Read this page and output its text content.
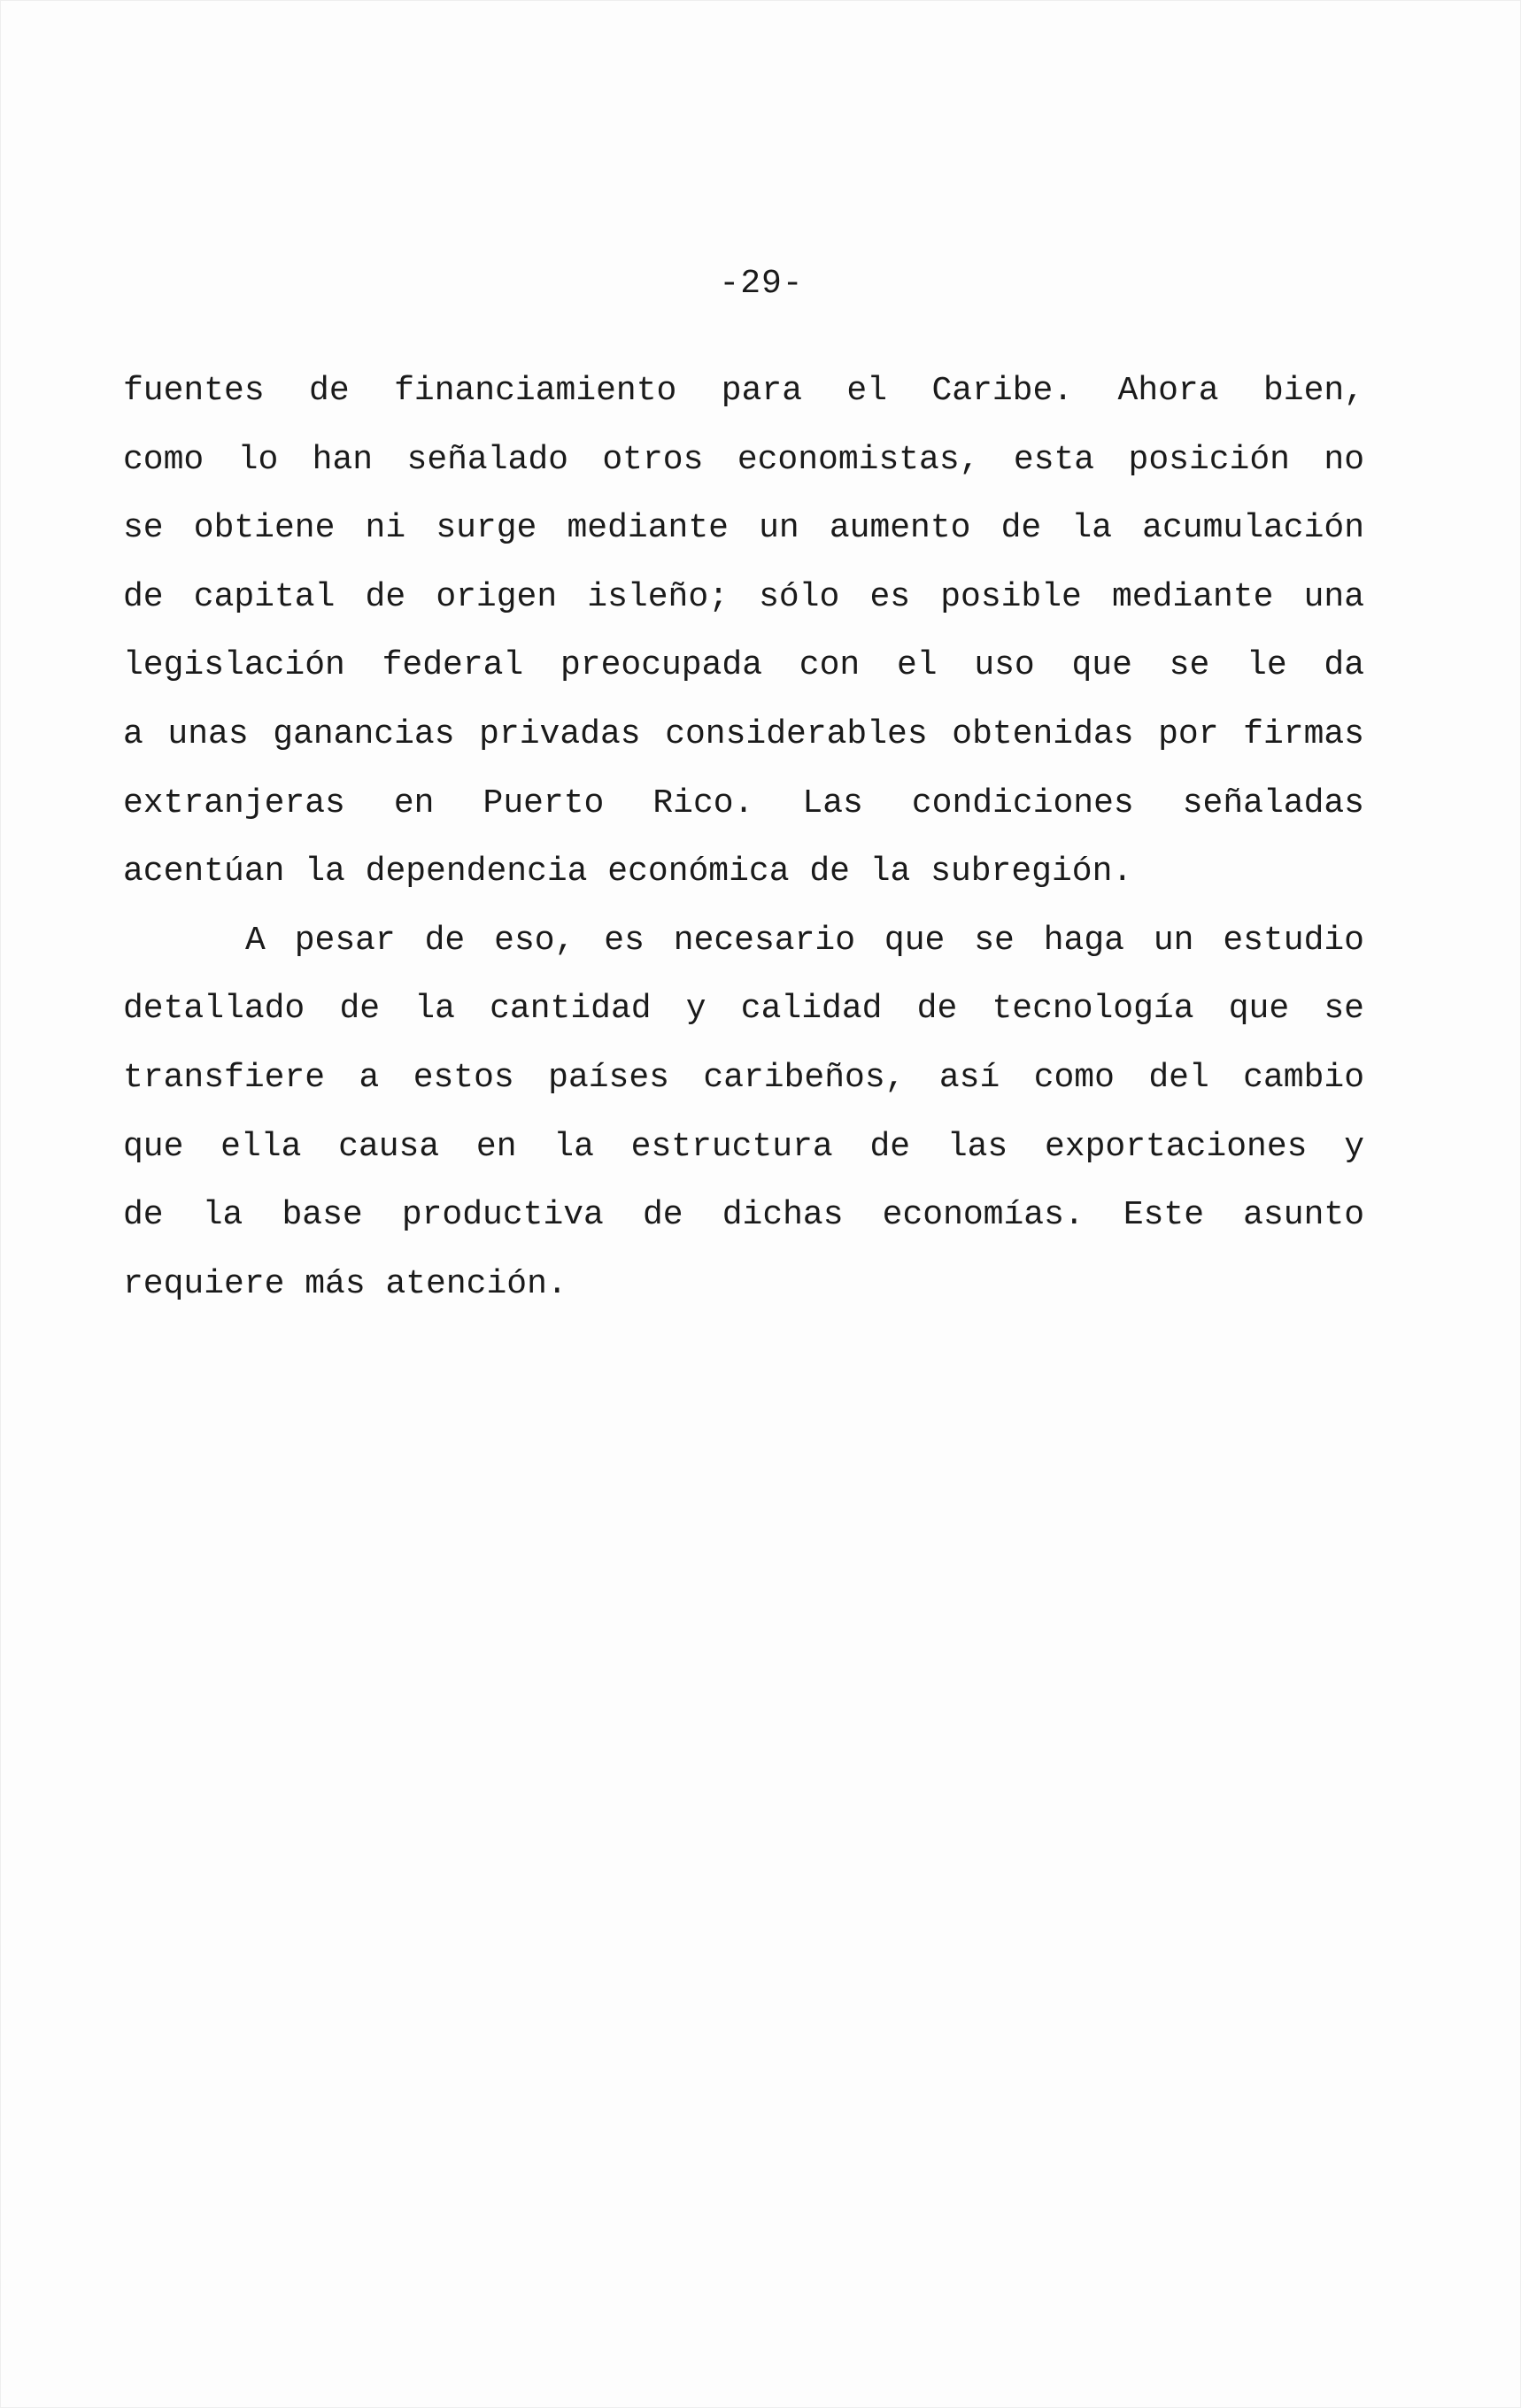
-29-
fuentes de financiamiento para el Caribe. Ahora bien,
como lo han señalado otros economistas, esta posición no
se obtiene ni surge mediante un aumento de la acumulación
de capital de origen isleño; sólo es posible mediante una
legislación federal preocupada con el uso que se le da
a unas ganancias privadas considerables obtenidas por firmas
extranjeras en Puerto Rico. Las condiciones señaladas
acentúan la dependencia económica de la subregión.
A pesar de eso, es necesario que se haga un estudio
detallado de la cantidad y calidad de tecnología que se
transfiere a estos países caribeños, así como del cambio
que ella causa en la estructura de las exportaciones y
de la base productiva de dichas economías. Este asunto
requiere más atención.
